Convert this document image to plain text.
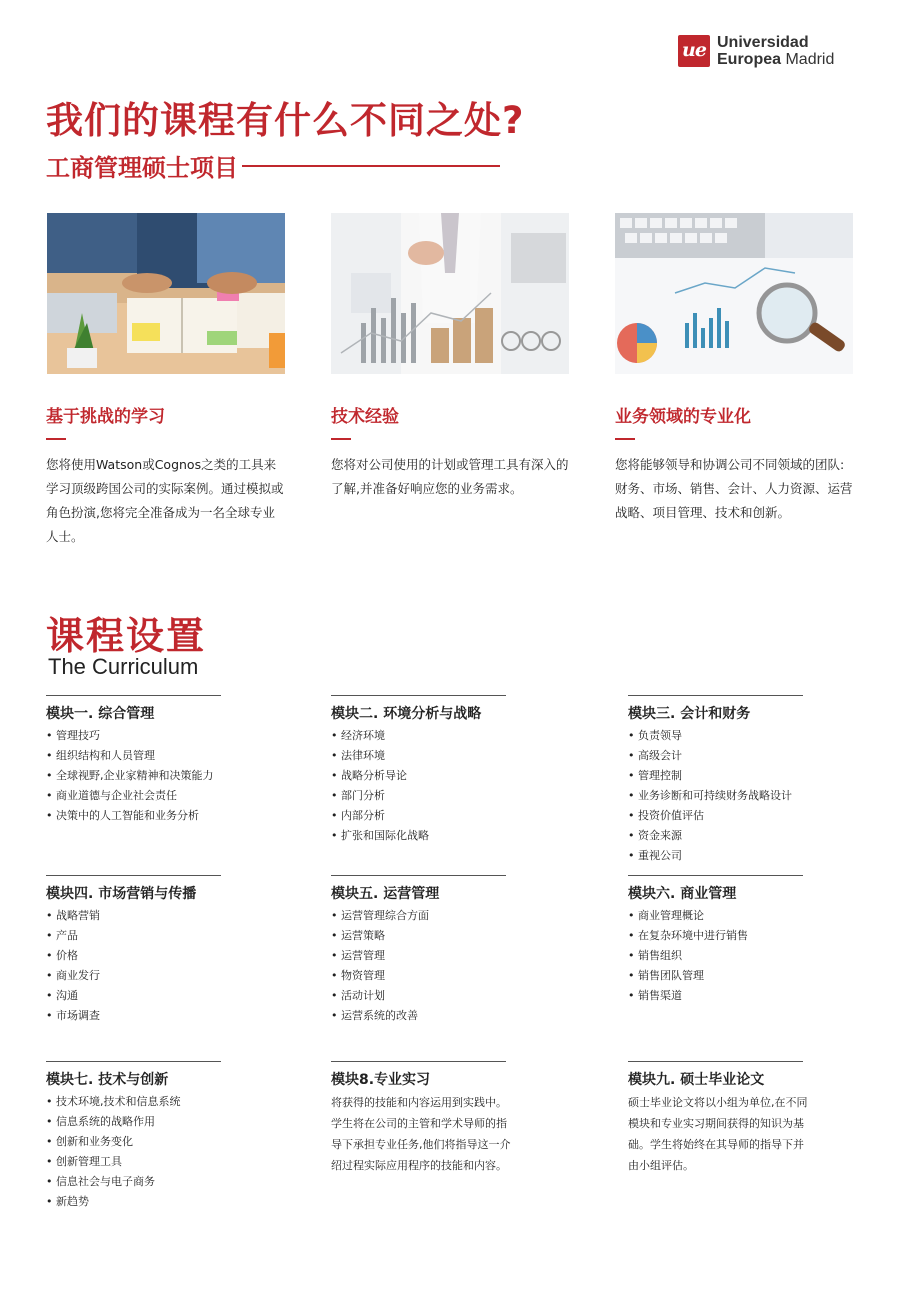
ue Universidad
Europea Madrid
我们的课程有什么不同之处?
工商管理硕士项目
基于挑战的学习
您将使用Watson或Cognos之类的工具来学习顶级跨国公司的实际案例。通过模拟或角色扮演,您将完全准备成为一名全球专业人士。
技术经验
您将对公司使用的计划或管理工具有深入的了解,并准备好响应您的业务需求。
业务领域的专业化
您将能够领导和协调公司不同领域的团队:财务、市场、销售、会计、人力资源、运营战略、项目管理、技术和创新。
课程设置
The Curriculum
模块一. 综合管理
• 管理技巧
• 组织结构和人员管理
• 全球视野,企业家精神和决策能力
• 商业道德与企业社会责任
• 决策中的人工智能和业务分析
模块二. 环境分析与战略
• 经济环境
• 法律环境
• 战略分析导论
• 部门分析
• 内部分析
• 扩张和国际化战略
模块三. 会计和财务
• 负责领导
• 高级会计
• 管理控制
• 业务诊断和可持续财务战略设计
• 投资价值评估
• 资金来源
• 重视公司
模块四. 市场营销与传播
• 战略营销
• 产品
• 价格
• 商业发行
• 沟通
• 市场调查
模块五. 运营管理
• 运营管理综合方面
• 运营策略
• 运营管理
• 物资管理
• 活动计划
• 运营系统的改善
模块六. 商业管理
• 商业管理概论
• 在复杂环境中进行销售
• 销售组织
• 销售团队管理
• 销售渠道
模块七. 技术与创新
• 技术环境,技术和信息系统
• 信息系统的战略作用
• 创新和业务变化
• 创新管理工具
• 信息社会与电子商务
• 新趋势
模块8.专业实习
将获得的技能和内容运用到实践中。学生将在公司的主管和学术导师的指导下承担专业任务,他们将指导这一介绍过程实际应用程序的技能和内容。
模块九. 硕士毕业论文
硕士毕业论文将以小组为单位,在不同模块和专业实习期间获得的知识为基础。学生将始终在其导师的指导下并由小组评估。
